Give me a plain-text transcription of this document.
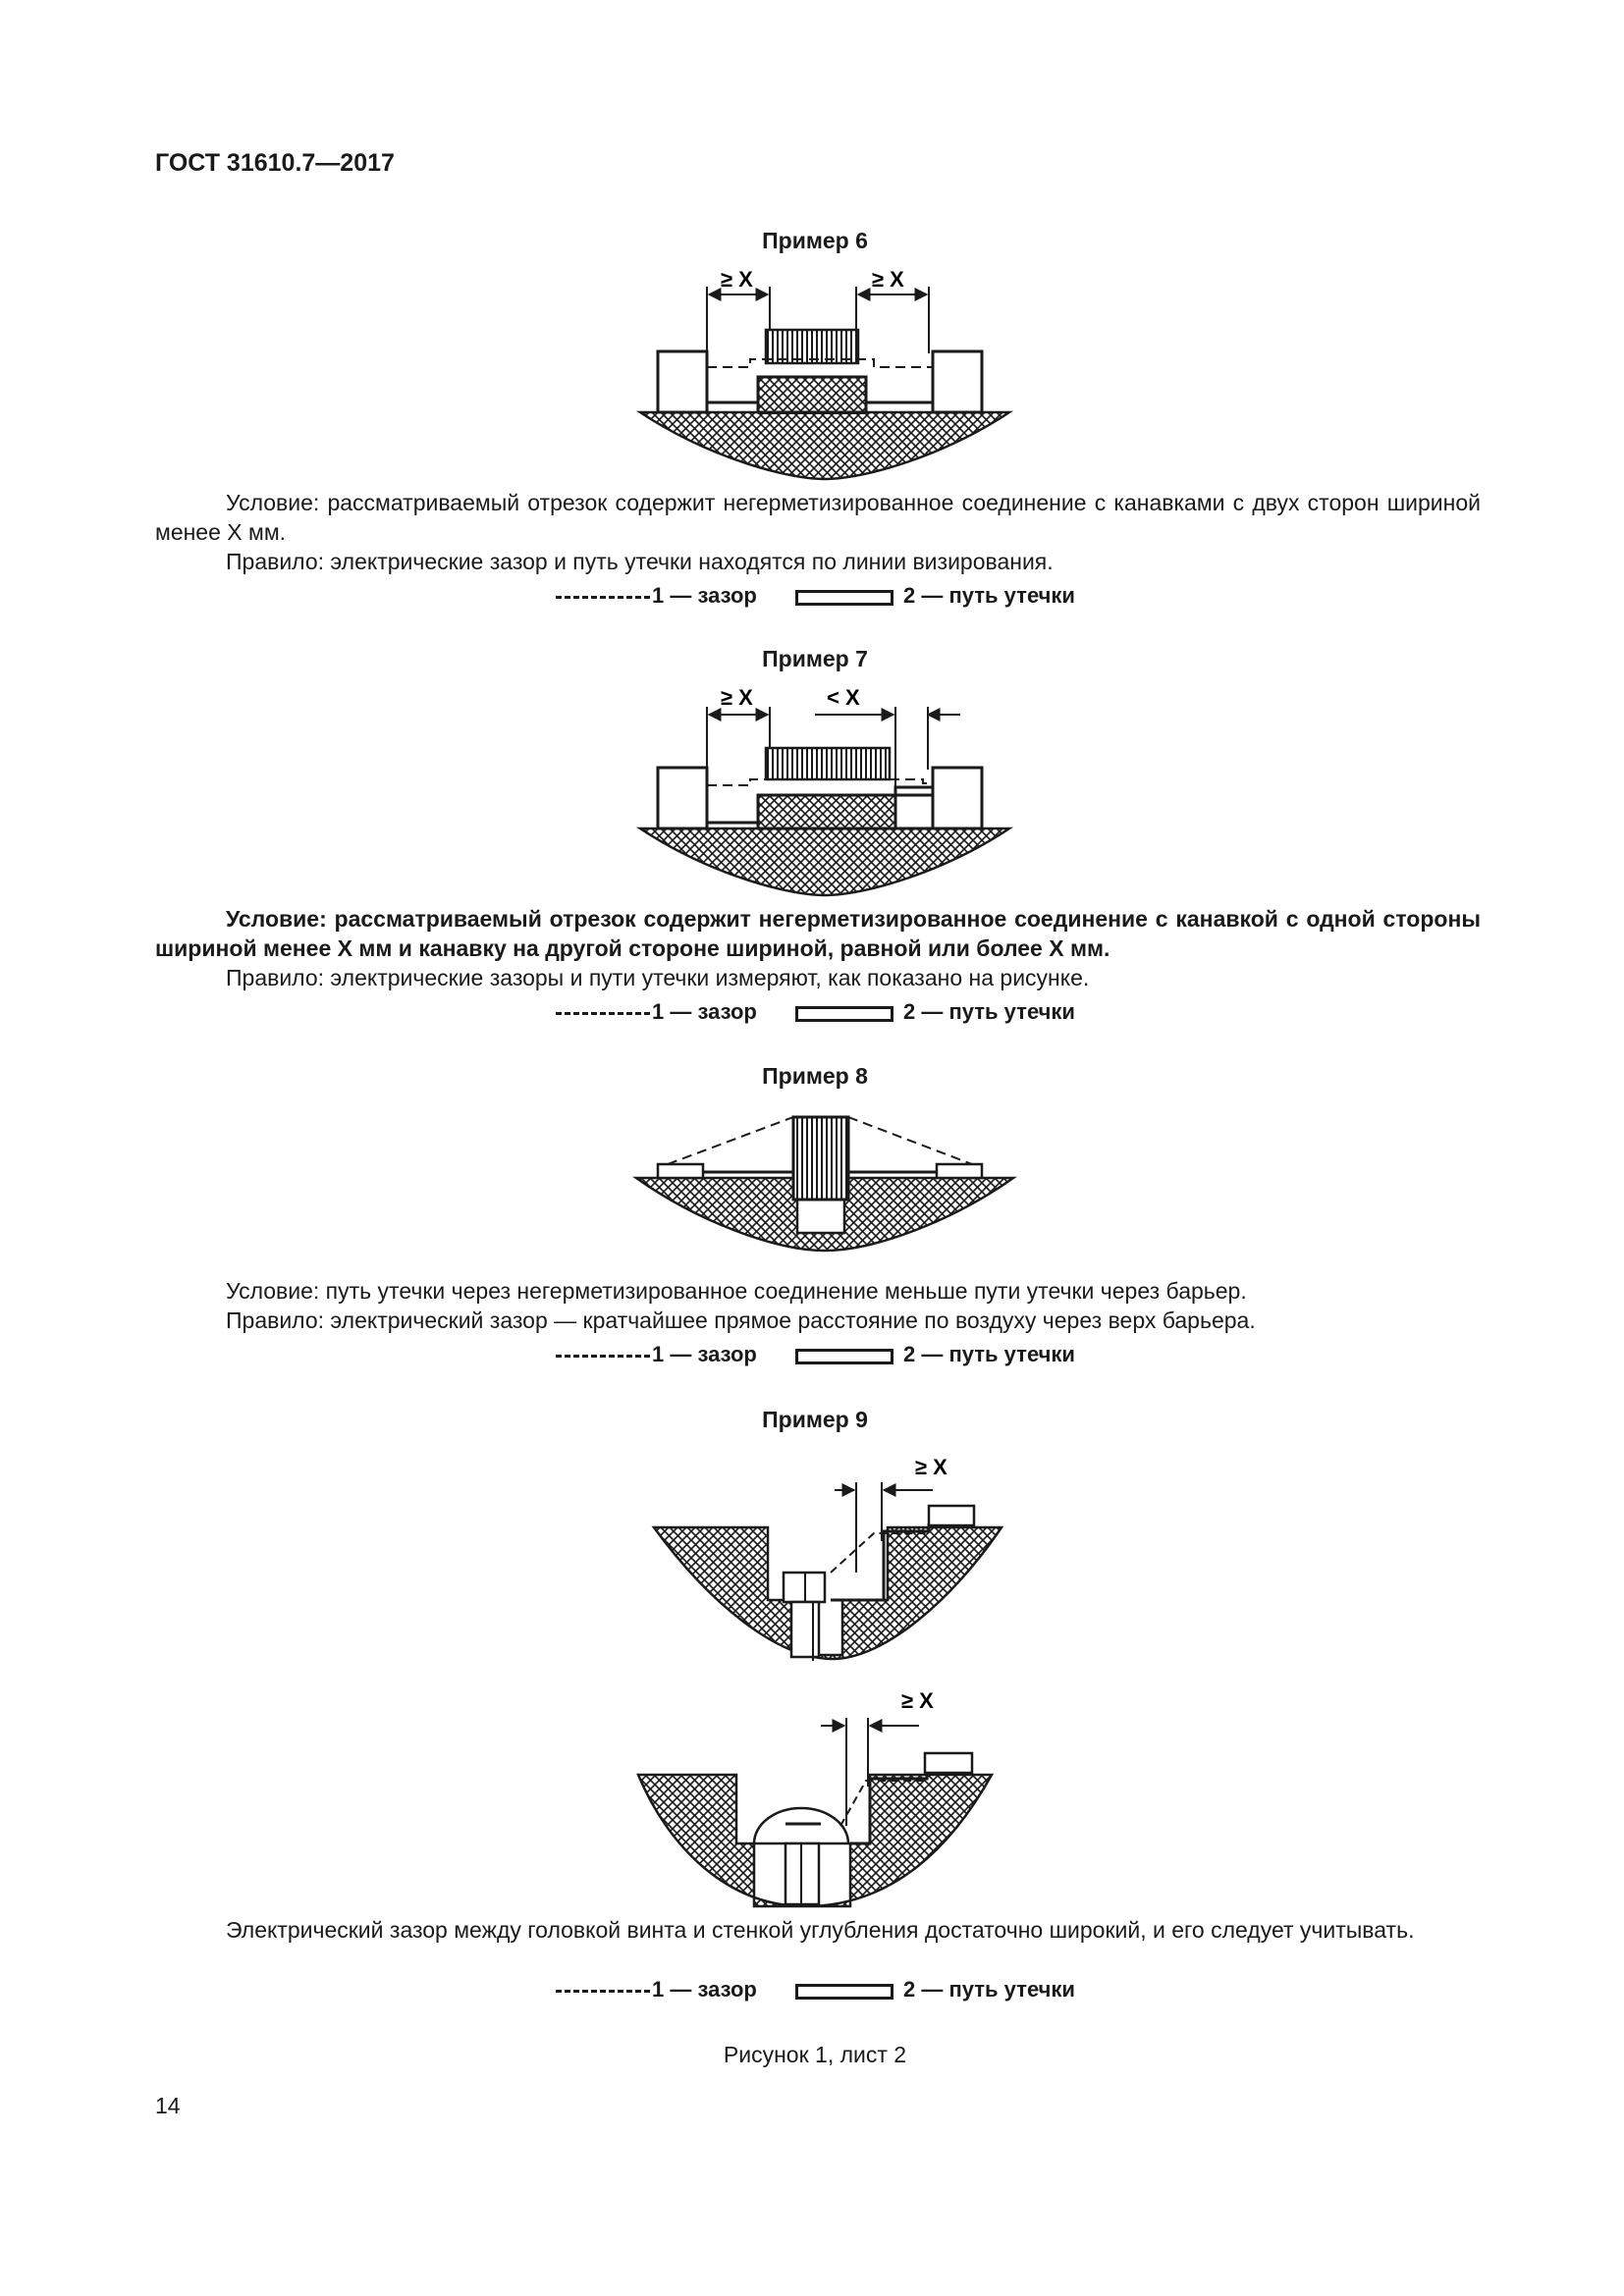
ГОСТ 31610.7—2017
Пример 6
≥ X	≥ X
Условие: рассматриваемый отрезок содержит негерметизированное соединение с канавками с двух сторон шириной менее X мм.
Правило: электрические зазор и путь утечки находятся по линии визирования.
1 — зазор	2 — путь утечки
Пример 7
≥ X	< X
Условие: рассматриваемый отрезок содержит негерметизированное соединение с канавкой с одной стороны шириной менее X мм и канавку на другой стороне шириной, равной или более X мм.
Правило: электрические зазоры и пути утечки измеряют, как показано на рисунке.
1 — зазор	2 — путь утечки
Пример 8
Условие: путь утечки через негерметизированное соединение меньше пути утечки через барьер.
Правило: электрический зазор — кратчайшее прямое расстояние по воздуху через верх барьера.
1 — зазор	2 — путь утечки
Пример 9
≥ X
≥ X
Электрический зазор между головкой винта и стенкой углубления достаточно широкий, и его следует учитывать.
1 — зазор	2 — путь утечки
Рисунок 1, лист 2
14
